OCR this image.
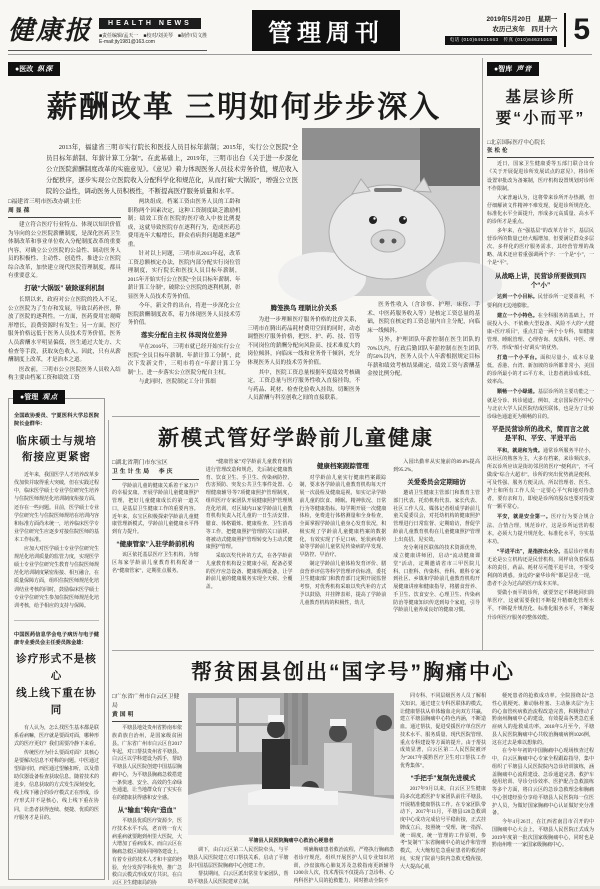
健康报	HEALTH NEWS
■责任编辑/孟天一　■校对/刘美琴　■制作/员文胜
E-mail:jty1981@163.com	管理周刊
2019年5月20日　星期一
农历己亥年　四月十六
电话 (010)64621663　传真 (010)64621663 5
●医改 纵深
薪酬改革 三明如何步步深入

2013年，福建省三明市实行院长和医技人员目标年薪制；2015年，实行公立医院“全员目标年薪制、年薪计算工分制”。在此基础上，2019年，三明市出台《关于进一步深化公立医院薪酬制度改革的实施意见》。《意见》着力体现医务人员技术劳务价值，规范收入分配秩序，逐步实现公立医院收入分配科学化和规范化，从而打破“大锅饭”，增强公立医院的公益性，调动医务人员积极性，不断提高医疗服务质量和水平。

□福建省三明市医改办副主任
周显葆

建立符合医疗行业特点、体现以知识价值为导向的公立医院薪酬制度，是深化医药卫生体制改革和事业单位收入分配制度改革的重要内容，对确立公立医院的公益性、调动医务人员的积极性、主动性、创造性，推进公立医院综合改革，加快建立现代医院管理制度，都具有重要意义。

打破“大锅饭” 破除逐利机制

长期以来，政府对公立医院的投入不足，公立医院为了生存和发展，导致以药补医，释放了医院的逐利性。一方面，医药费用宏观畸形增长，浪费资源时有发生；另一方面，医疗服务价格远低于医务人员技术劳务价值，医务人员薪酬水平明显偏低，医生通过大处方、大检查等手段，获取灰色收入。因此，只有从薪酬制度上改革，才是治本之道。

医改前，三明市公立医院医务人员收入结构主要由档案工资和绩效工资

两块组成。档案工资由医务人员的工龄和职称两个因素决定，这种工资制度缺乏激励机制；绩效工资在医院的医疗收入中按比例提成，这就导致医院存在逐利行为，造成医药总费用连年大幅增长，群众看病贵问题越来越严重。

针对以上问题，三明市从2013年起，改革工资总额核定办法，医院内部分配实行岗位管理制度，实行院长和医技人员目标年薪制，2015年开始实行公立医院“全员目标年薪制、年薪计算工分制”，破除公立医院的逐利机制，彰显医务人员技术劳务价值。

今年，新文件的出台，将进一步深化公立医院薪酬制度改革，着力体现医务人员技术劳务价值。

落实分配自主权 体现岗位差异

早在2016年，三明市就已经开始实行公立医院“全员目标年薪制、年薪计算工分制”，此次下发新文件，三明市将在“年薪计算工分制”上，进一步落实公立医院分配自主权。

与此同时，医院制定工分计算细

腾笼换鸟 理顺比价关系

为进一步理顺医疗服务价格的比价关系，三明市在腾出药品耗材费用空间的同时，动态调整医疗服务价格，把医、护、药、技、管等不同岗位的薪酬分配向风险高、技术难度大的岗位倾斜，向临床一线和业务骨干倾斜，充分体现医务人员的技术劳务价值。

其中，医院工资总量根据年度绩效考核确定，工资总量与医疗服务性收入直接挂钩，不与药品、耗材、检查化验收入挂钩，切断医务人员薪酬与科室创收之间的直接联系。

医务性收入（含诊察、护理、床位、手术、中医药服务收入等）是核定工资总量的基础，医院在核定的工资总量内自主分配，向临床一线倾斜。

另外，护理团队年薪控制在医生团队的70%以内，行政后勤团队年薪控制在医生团队的50%以内，医务人员个人年薪根据规定目标年薪和绩效考核结果确定，绩效工资与薪酬基金按比例分配。

●智库 声音
基层诊所
要“小而平”
□北京国际医疗中心院长
张松伦

近日，国家卫生健康委等五部门联合出台《关于开展促进诊所发展试点的意见》，将诊所设置审批改为备案制，医疗机构设置规划对诊所不作限制。

大家普遍认为，这将带来诊所开办热潮，但仔细解读文件精神不难发现，促进诊所规范化、标准化水平全面提升，形成多元高质量、高水平的诊所才是重点。

多年来，在“强基层”的改革方针下，基层民营诊所的数量已经大幅增加，但要满足群众多层次、多样化的医疗服务需求，其经营管理的战略、战术还应着重强调两个字：一个是“小”，一个是“平”。

从战略上讲，民营诊所要做到四个“小”

达到一个小目标。民营诊所一定要盈利，不要利润无边地膨胀。

建立一个小特色。在全科服务的基础上，开展投入小、不依赖大型设备、风险不大的“大健康+医疗项目”，重点打造一两个小专科，如健康管理、睡眠管理、心理咨询、皮肤科、中医、理疗等，形成“船小好调头”的优势。

打造一个小平台。面积尽量小，成本尽量低。香港、台湾、新加坡的诊所都非常小，美国的诊所最小的才15平方米，让患者就诊成本低、效率高。

顺畅一个小绿通。基层诊所的主要功能之一就是分诊、转诊通道。例如，北京国际医疗中心与北京大学人民医院结成医联体，也是为了让转诊绿色通道更为顺畅的目的。

平是民营诊所的战术，简而言之就是平和、平安、平进平出

平和，就是和为贵。通常诊所服务半径小，以社区的熟客为主，大多有档案，来诊频次多，所以诊所应该是街坊邻居的医疗“便利店”，不可做成“综合大超市”。诊所的突出优势就是便利、可及性强、服务方便灵活，所以管理者、医生、护士和所有工作人员一定要心平气和地对待患者，要有亲和力，即使是诊所的股东也要对投资有一颗平常心。

平安，就是安全第一。医疗行为要合规合法、合情合理，规范诊疗，这是诊所运营的根本。必须大力提升规范化、标准化水平，夯实基本功。

“平进平出”，是指挤出水分。基层诊疗机构无论是公立机构还是民营机构，同样肩负着保基本的责任，药品、耗材尽可能平进平出，不要受利润的诱惑。身边的“豪华诊所”都是昙花一现，患者不会为过高的医疗成本买单。

要做小而平的诊所，就要坚定不移地回归简单医疗，这就需要我们不断提升精细化管理水平，不断提升规范化、标准化服务水平，不断提升诊所医疗服务的整体效能。

●管理 观点

全国政协委员、宁夏医科大学总医院院长金群华：

临床硕士与规培
衔接应更紧密

近年来，我国医学人才培养改革步伐加快并取得重大突破，但在实践过程中，临床医学硕士专业学位研究生培养与住院医师规范化培训制度衔接方面，还存在一些问题。目前，医学硕士专业学位研究生与住院医师规培在培训内容和标准方面尚未统一，培养临床医学专业学位研究生应逐步对接住院医师的基本工作标准。

应加大对医学硕士专业学位研究生规范化培训质量的监管力度，实现医学硕士专业学位研究生教育与住院医师规范化培训制度紧密衔接、相互融合，在质量保障方面，组织住院医师规范化培训结业考核的同时，鼓励临床医学硕士专业学位研究生参加住院医师规范化培训考核，给予相应的支持与保障。

中国医药信息学会电子病历与电子健康专业委员会主任委员陈金雄：

诊疗形式不是核心
线上线下重在协同

有人认为，怎么找医生基本都是联系看病嘛，医疗就是要面对面，哪种形式的医疗更好？我们需要冷静下来看。

传统医疗为什么要面对面？其核心是要解决信息不对称的问题。中医通过望闻问切，西医通过望触扣听，以及借助仪器设备检查获取信息。随着技术的进步，信息获取的方式发生深刻变化，线上线下融合的诊疗模式正在形成，诊疗形式并不是核心，线上线下重在协同，让患者获得连续、便捷、优质的医疗服务才是目的。

新模式管好学龄前儿童健康
□湖北省荆门市东宝区
卫生计生局　李庆

学龄前儿童的健康关系着千家万户的幸福安康。开展学龄前儿童健康照护管理，把好儿童健康成长的第一道关口，是基层卫生健康工作的重要内容。近年来，东宝区积极探索学龄前儿童健康管理新模式，学龄前儿童健康水平得到有力提升。

“健康管家”入驻学龄前机构

该区依托基层医疗卫生机构，为辖区每家学龄前儿童教育机构配备一名“健康管家”，定期驻点服务。

“健康管家”对学龄前儿童教育机构进行管理改造和规范，先后制定健康教育、饮食卫生、手卫生、传染病防控、伤害预防、突发公共卫生事件处置、心理健康辅导等7项健康照护管理制度，组织医疗专家团队开展健康照护管理规范化培训，对区域内11家学龄前儿童教育机构负责入托儿童的一日生活安排、膳食、体格锻炼、健康检查、卫生消毒等工作，把健康照护管理的关口前移，将被动式健康照护管理转变为主动式健康照护管理。

采取以奖代补的方式，在各学龄前儿童教育机构设立健康小屋，配备必要的医疗应急设备、健康检测设备，让学龄前儿童的健康服务实现全天候、全覆盖。

健康档案跟踪管理

对学龄前儿童实行健康档案跟踪制，要求各学龄前儿童教育机构每天开展一次晨检及健康巡视，如实记录学龄前儿童的饮食、睡眠、精神状况、日常行为等健康指标。每学期开展一次健康体检，免费进行体格测量和全身检查，全面掌握学龄前儿童身心发育状况，积极实现了学龄前儿童健康档案的数据化，有效实现了手足口病、轮状病毒传染等学龄前儿童常见传染病的早发现、早防控、早治疗。

制定学龄前儿童体检发育评价、膳食营养评估等科学管理评价标准，委托卫生健康部门和教育部门定期开展监督考察，对优秀机构采取以奖代补的方式予以鼓励，并挂牌表彰，提高了学龄前儿童教育机构的积极性，幼儿

入园出勤率从实施前的89.8%提高到95.2%。

关爱委员会定期暗访

邀请卫生健康主管部门和教育主管部门代表、托幼机构代表、家长代表、社区工作人员、媒体记者组成学龄前儿童关爱委员会，对托幼机构的健康照护管理进行日常监督、定期暗访，督促学龄前儿童教育机构在儿童健康照护管理上出真招、见实效。

充分利用医联体的技术资源优势，成立健康讲师团，启动“流动健康课堂”活动，定期邀请省市三甲医院儿科、口腔科、传染科、骨科、眼科专家到社区、乡镇和学龄前儿童教育机构开展健康讲座和健康指导，将膳食营养、手卫生、饮食安全、心理卫生、传染病防治等健康知识传送到每个家庭，引导学龄前儿童养成良好的健康习惯。

帮贫困县创出“国字号”胸痛中心
□广东省广州市白云区卫健局
黄国明

平塘县地处贵州省黔南布依族苗族自治州，是国家级贫困县。广东省广州市白云区自2017年起，对口帮扶贵州省平塘县。白云区以学科建设为抓手，帮助平塘县人民医院创建中国基层胸痛中心，为平塘县胸痛急救搭建一条快速、安全、高效的生命绿色通道，让当地群众有了实实在在的健康获得感和安全感。

从“输血”转向“造血”

平塘县优质医疗资源少，医疗技术水平不高，老百姓一有大病重病就要跑到州里大医院，大大增加了看病成本。而白云区在胸痛急救区域协同网络建设上，有着专业的技术人才和丰富的经验，充分发挥学科优势，推广急救白云模式形成双方共识。在白云区卫生健康局的协

平塘县人民医院胸痛中心救治心梗患者

调下，由白云区第二人民医院牵头，与平塘县人民医院建立对口帮扶关系，启动了平塘县中国基层医院胸痛中心创建工作。

帮扶期间，白云区派出常驻专家团队，帮助平塘县人民医院建章立制，

明确胸痛患者救治流程，严格执行胸痛患者诊疗规范，组织开展医护人员专业知识培训，沙盘演练心肺复苏及急救指南更新辅导1200余人次，技术帮扶不仅提高了急诊科、心内科医护人员的抢救能力，同时推动全院不

同专科、不同层级医务人员了解相关知识。通过建立专科医联体的模式，让健康帮扶从单体输血走向双方共赢，建立平塘县胸痛中心特色内涵，不断造血。通过帮扶，促进受援医疗单位医疗技术水平、服务质量、现代医院管理、重点专科建设等方面的提升。由于帮扶成效显著，白云区第二人民医院被评为“2017年援黔医疗卫生对口帮扶工作优秀集体”。

“手把手”复制先进模式

2017年9月以来，白云区卫生健康局多次选派医护专家团队前往平塘县，开展精准健康帮扶工作。在专家团队带动下，2017年11月，平塘县120急救调度中心成功完成信号平稳衔接，正式挂牌成立后，按照统一受理、统一指挥、统一调度、统一管理的工作原则，参考“复制”广东省胸痛中心的运作和管理模式，大大缩短危急重症患者的救治时间，实现了院前与院内急救无缝衔接，大大提高心肌

梗死患者的抢救成功率。全院围绕以“急性心肌梗死、肺动脉栓塞、主动脉夹层”为主的心血管疾病救治流程改造完善，积极推动了黔南州胸痛中心的建设，有效提高各类急危重症病人的抢救成功率。2018年5月至今，平塘县人民医院胸痛中心共收治胸痛病例1026例，这在过去是难以想象的。

在今年年初的中国胸痛中心现场核查过程中，白云区胸痛中心专家全程跟踪指导，集中组织了平塘县人民医院院内急诊培训演练，涵盖胸痛中心流程建设、急诊通道完善、救护车使用培训、导诊分诊效率、医护配合急救演练等多个方面，将白云区的急诊急救理念和胸痛中心创建经验分享给平塘县人民医院每一位医护人员，为做好国家胸痛中心认证做好充分准备。

今年4月26日，在江西省南昌市召开的中国胸痛中心大会上，平塘县人民医院正式成为2019年度第一批次国家级胸痛中心，同时也是黔南州唯一一家国家级胸痛中心。
